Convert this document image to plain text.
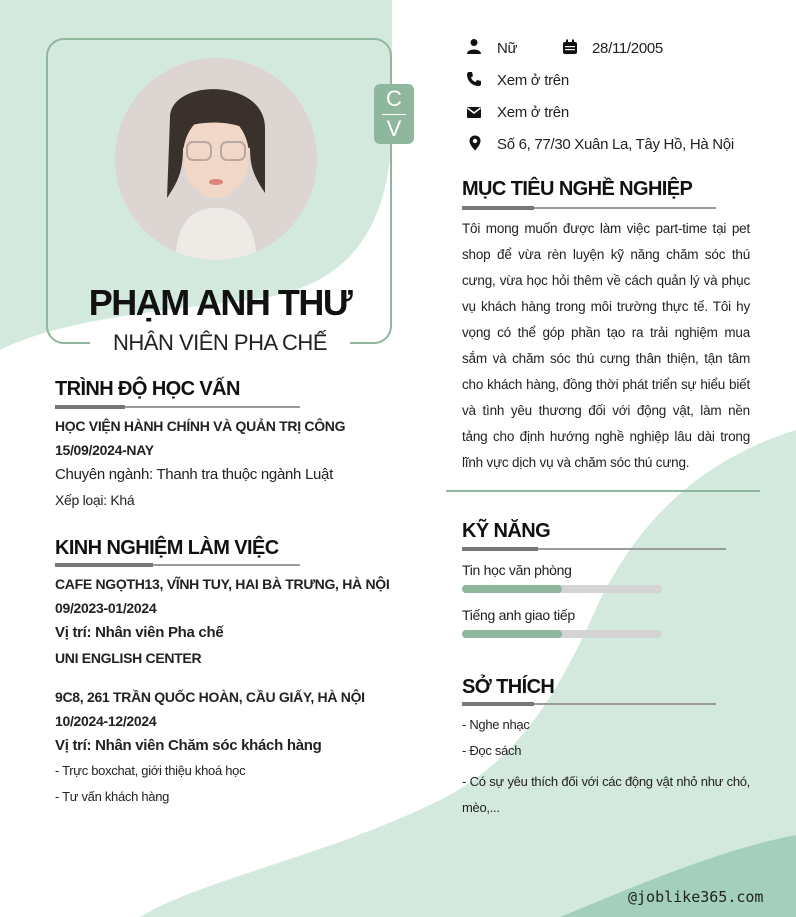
C
V
PHẠM ANH THƯ
NHÂN VIÊN PHA CHẾ
Nữ	28/11/2005
Xem ở trên
Xem ở trên
Số 6, 77/30 Xuân La, Tây Hồ, Hà Nội
MỤC TIÊU NGHỀ NGHIỆP
Tôi mong muốn được làm việc part-time tại pet shop để vừa rèn luyện kỹ năng chăm sóc thú cưng, vừa học hỏi thêm về cách quản lý và phục vụ khách hàng trong môi trường thực tế. Tôi hy vọng có thể góp phần tạo ra trải nghiệm mua sắm và chăm sóc thú cưng thân thiện, tận tâm cho khách hàng, đồng thời phát triển sự hiểu biết và tình yêu thương đối với động vật, làm nền tảng cho định hướng nghề nghiệp lâu dài trong lĩnh vực dịch vụ và chăm sóc thú cưng.
KỸ NĂNG
Tin học văn phòng
Tiếng anh giao tiếp
SỞ THÍCH
- Nghe nhạc
- Đọc sách
- Có sự yêu thích đối với các động vật nhỏ như chó, mèo,...
TRÌNH ĐỘ HỌC VẤN
HỌC VIỆN HÀNH CHÍNH VÀ QUẢN TRỊ CÔNG
15/09/2024-NAY
Chuyên ngành: Thanh tra thuộc ngành Luật
Xếp loại: Khá
KINH NGHIỆM LÀM VIỆC
CAFE NGỌTH13, VĨNH TUY, HAI BÀ TRƯNG, HÀ NỘI
09/2023-01/2024
Vị trí: Nhân viên Pha chế
UNI ENGLISH CENTER
9C8, 261 TRẦN QUỐC HOÀN, CẦU GIẤY, HÀ NỘI
10/2024-12/2024
Vị trí: Nhân viên Chăm sóc khách hàng
- Trực boxchat, giới thiệu khoá học
- Tư vấn khách hàng
@joblike365.com
